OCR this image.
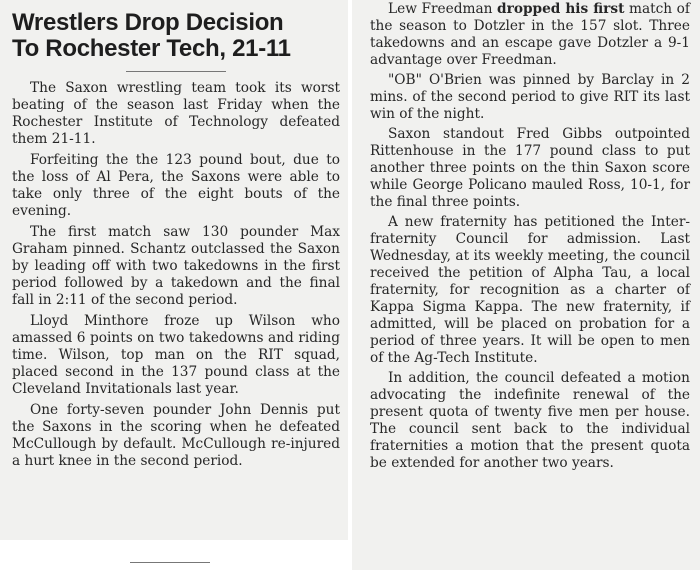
Wrestlers Drop Decision
To Rochester Tech, 21-11

The Saxon wrestling team took its worst beating of the season last Friday when the Rochester Institute of Technology defeated them 21-11.

Forfeiting the the 123 pound bout, due to the loss of Al Pera, the Saxons were able to take only three of the eight bouts of the evening.

The first match saw 130 pounder Max Graham pinned. Schantz outclassed the Saxon by leading off with two takedowns in the first period followed by a takedown and the final fall in 2:11 of the second period.

Lloyd Minthore froze up Wilson who amassed 6 points on two takedowns and riding time. Wilson, top man on the RIT squad, placed second in the 137 pound class at the Cleveland Invitationals last year.

One forty-seven pounder John Dennis put the Saxons in the scoring when he defeated McCullough by default. McCullough re-injured a hurt knee in the second period.

Lew Freedman dropped his first match of the season to Dotzler in the 157 slot. Three takedowns and an escape gave Dotzler a 9-1 advantage over Freedman.

"OB" O'Brien was pinned by Barclay in 2 mins. of the second period to give RIT its last win of the night.

Saxon standout Fred Gibbs outpointed Rittenhouse in the 177 pound class to put another three points on the thin Saxon score while George Policano mauled Ross, 10-1, for the final three points.

A new fraternity has petitioned the Inter-fraternity Council for admission. Last Wednesday, at its weekly meeting, the council received the petition of Alpha Tau, a local fraternity, for recognition as a charter of Kappa Sigma Kappa. The new fraternity, if admitted, will be placed on probation for a period of three years. It will be open to men of the Ag-Tech Institute.

In addition, the council defeated a motion advocating the indefinite renewal of the present quota of twenty five men per house. The council sent back to the individual fraternities a motion that the present quota be extended for another two years.
